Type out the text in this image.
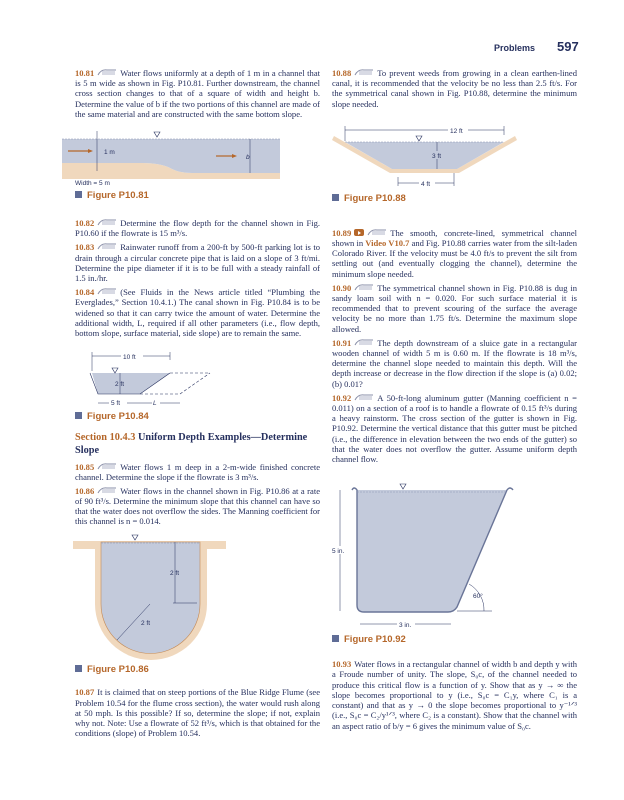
Problems 597
10.81	Water flows uniformly at a depth of 1 m in a channel that is 5 m wide as shown in Fig. P10.81. Further downstream, the channel cross section changes to that of a square of width and height b. Determine the value of b if the two portions of this channel are made of the same material and are constructed with the same bottom slope.
1 m
b
Width = 5 m
Figure P10.81
10.82	Determine the flow depth for the channel shown in Fig. P10.60 if the flowrate is 15 m³/s.
10.83	Rainwater runoff from a 200-ft by 500-ft parking lot is to drain through a circular concrete pipe that is laid on a slope of 3 ft/mi. Determine the pipe diameter if it is to be full with a steady rainfall of 1.5 in./hr.
10.84	(See Fluids in the News article titled “Plumbing the Everglades,” Section 10.4.1.) The canal shown in Fig. P10.84 is to be widened so that it can carry twice the amount of water. Determine the additional width, L, required if all other parameters (i.e., flow depth, bottom slope, surface material, side slope) are to remain the same.
10 ft
2 ft
5 ft	L
Figure P10.84
Section 10.4.3 Uniform Depth Examples—Determine Slope
10.85	Water flows 1 m deep in a 2-m-wide finished concrete channel. Determine the slope if the flowrate is 3 m³/s.
10.86	Water flows in the channel shown in Fig. P10.86 at a rate of 90 ft³/s. Determine the minimum slope that this channel can have so that the water does not overflow the sides. The Manning coefficient for this channel is n = 0.014.
2 ft
2 ft
Figure P10.86
10.87 It is claimed that on steep portions of the Blue Ridge Flume (see Problem 10.54 for the flume cross section), the water would rush along at 50 mph. Is this possible? If so, determine the slope; if not, explain why not. Note: Use a flowrate of 52 ft³/s, which is that obtained for the conditions (slope) of Problem 10.54.
10.88	To prevent weeds from growing in a clean earthen-lined canal, it is recommended that the velocity be no less than 2.5 ft/s. For the symmetrical canal shown in Fig. P10.88, determine the minimum slope needed.
12 ft
3 ft
4 ft
Figure P10.88
10.89	The smooth, concrete-lined, symmetrical channel shown in Video V10.7 and Fig. P10.88 carries water from the silt-laden Colorado River. If the velocity must be 4.0 ft/s to prevent the silt from settling out (and eventually clogging the channel), determine the minimum slope needed.
10.90	The symmetrical channel shown in Fig. P10.88 is dug in sandy loam soil with n = 0.020. For such surface material it is recommended that to prevent scouring of the surface the average velocity be no more than 1.75 ft/s. Determine the maximum slope allowed.
10.91	The depth downstream of a sluice gate in a rectangular wooden channel of width 5 m is 0.60 m. If the flowrate is 18 m³/s, determine the channel slope needed to maintain this depth. Will the depth increase or decrease in the flow direction if the slope is (a) 0.02; (b) 0.01?
10.92	A 50-ft-long aluminum gutter (Manning coefficient n = 0.011) on a section of a roof is to handle a flowrate of 0.15 ft³/s during a heavy rainstorm. The cross section of the gutter is shown in Fig. P10.92. Determine the vertical distance that this gutter must be pitched (i.e., the difference in elevation between the two ends of the gutter) so that the water does not overflow the gutter. Assume uniform depth channel flow.
5 in.
3 in.
60°
Figure P10.92
10.93 Water flows in a rectangular channel of width b and depth y with a Froude number of unity. The slope, S₀c, of the channel needed to produce this critical flow is a function of y. Show that as y → ∞ the slope becomes proportional to y (i.e., S₀c = C₁y, where C₁ is a constant) and that as y → 0 the slope becomes proportional to y⁻¹ᐟ³ (i.e., S₀c = C₂/y¹ᐟ³, where C₂ is a constant). Show that the channel with an aspect ratio of b/y = 6 gives the minimum value of S₀c.
